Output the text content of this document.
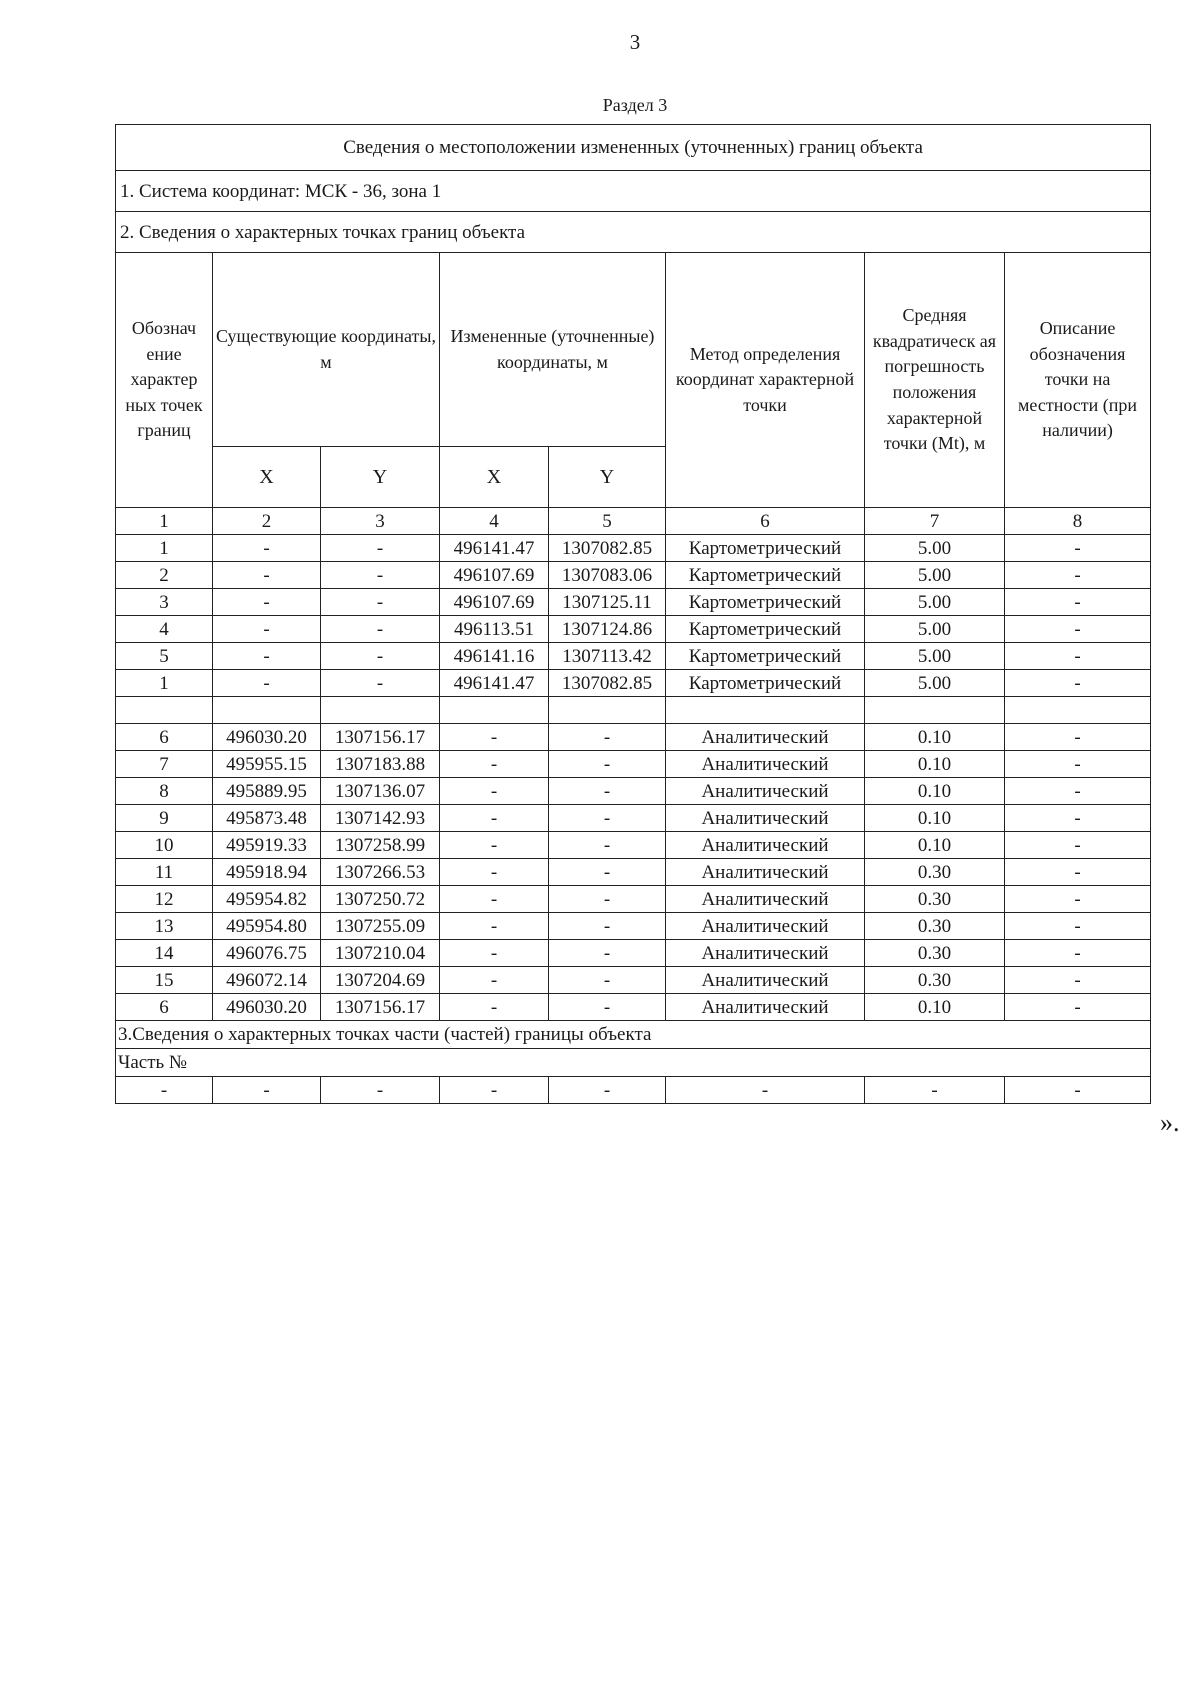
3
Раздел 3
Сведения о местоположении измененных (уточненных) границ объекта							
1. Система координат: МСК - 36, зона 1							
2. Сведения о характерных точках границ объекта							
Обознач ение характер ных точек границ	Существующие координаты, м		Измененные (уточненные) координаты, м		Метод определения координат характерной точки	Средняя квадратическ ая погрешность положения характерной точки (Mt), м	Описание обозначения точки на местности (при наличии)
	X	Y	X	Y			
1	2	3	4	5	6	7	8
1	-	-	496141.47	1307082.85	Картометрический	5.00	-
2	-	-	496107.69	1307083.06	Картометрический	5.00	-
3	-	-	496107.69	1307125.11	Картометрический	5.00	-
4	-	-	496113.51	1307124.86	Картометрический	5.00	-
5	-	-	496141.16	1307113.42	Картометрический	5.00	-
1	-	-	496141.47	1307082.85	Картометрический	5.00	-

6	496030.20	1307156.17	-	-	Аналитический	0.10	-
7	495955.15	1307183.88	-	-	Аналитический	0.10	-
8	495889.95	1307136.07	-	-	Аналитический	0.10	-
9	495873.48	1307142.93	-	-	Аналитический	0.10	-
10	495919.33	1307258.99	-	-	Аналитический	0.10	-
11	495918.94	1307266.53	-	-	Аналитический	0.30	-
12	495954.82	1307250.72	-	-	Аналитический	0.30	-
13	495954.80	1307255.09	-	-	Аналитический	0.30	-
14	496076.75	1307210.04	-	-	Аналитический	0.30	-
15	496072.14	1307204.69	-	-	Аналитический	0.30	-
6	496030.20	1307156.17	-	-	Аналитический	0.10	-
3.Сведения о характерных точках части (частей) границы объекта							
Часть №							
-	-	-	-	-	-	-	-
».
